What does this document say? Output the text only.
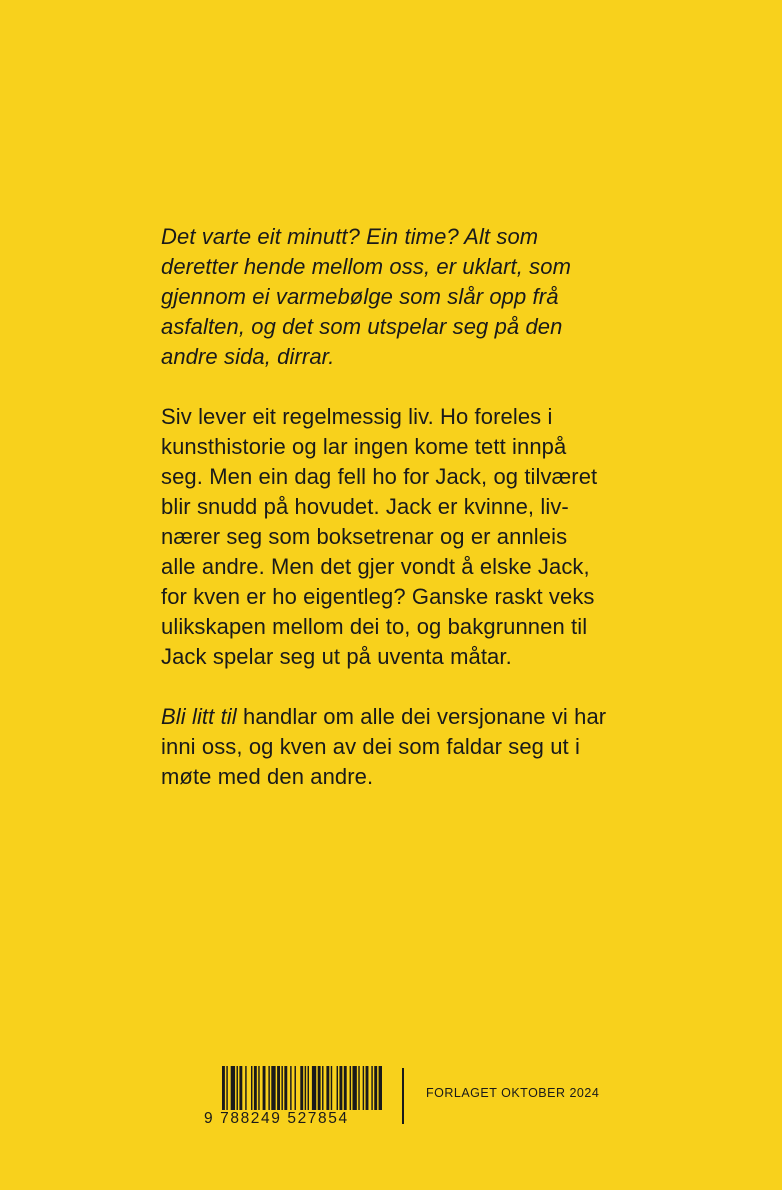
Det varte eit minutt? Ein time? Alt som
deretter hende mellom oss, er uklart, som
gjennom ei varmebølge som slår opp frå
asfalten, og det som utspelar seg på den
andre sida, dirrar.

Siv lever eit regelmessig liv. Ho foreles i
kunsthistorie og lar ingen kome tett innpå
seg. Men ein dag fell ho for Jack, og tilværet
blir snudd på hovudet. Jack er kvinne, liv-
nærer seg som boksetrenar og er annleis
alle andre. Men det gjer vondt å elske Jack,
for kven er ho eigentleg? Ganske raskt veks
ulikskapen mellom dei to, og bakgrunnen til
Jack spelar seg ut på uventa måtar.

Bli litt til handlar om alle dei versjonane vi har
inni oss, og kven av dei som faldar seg ut i
møte med den andre.

9 788249 527854
FORLAGET OKTOBER 2024
